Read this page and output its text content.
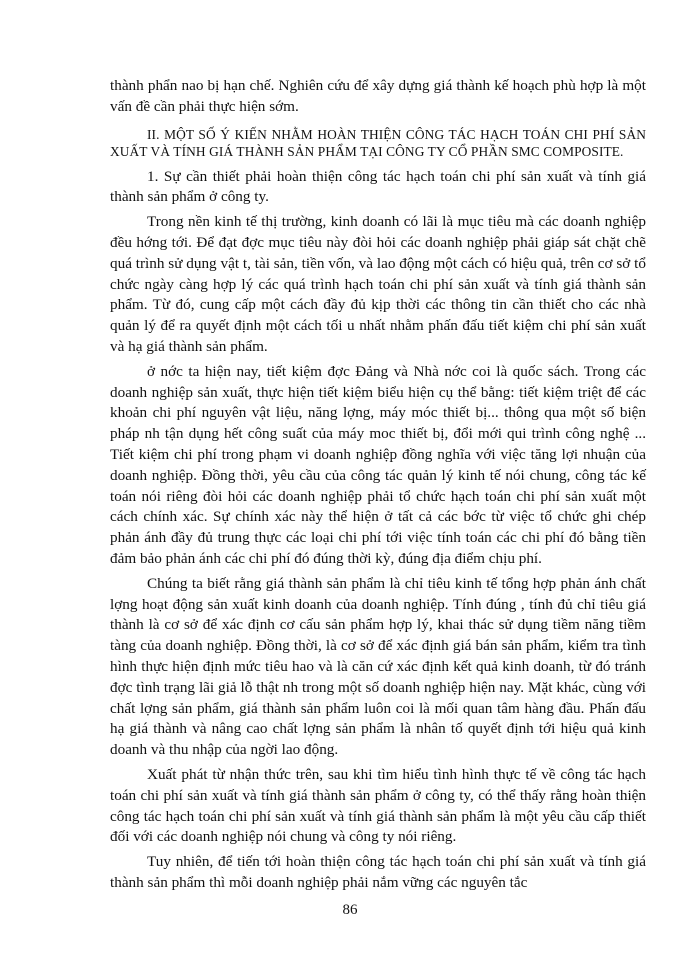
thành phẩn nao bị hạn chế. Nghiên cứu để xây dựng giá thành kế hoạch phù hợp là một vấn đề cần phải thực hiện sớm.

II. MỘT SỐ Ý KIẾN NHẰM HOÀN THIỆN CÔNG TÁC HẠCH TOÁN CHI PHÍ SẢN XUẤT VÀ TÍNH GIÁ THÀNH SẢN PHẨM TẠI CÔNG TY CỔ PHẦN SMC COMPOSITE.

1. Sự cần thiết phải hoàn thiện công tác hạch toán chi phí sản xuất và tính giá thành sản phẩm ở công ty.

Trong nền kinh tế thị trường, kinh doanh có lãi là mục tiêu mà các doanh nghiệp đều hớng tới. Để đạt đợc mục tiêu này đòi hỏi các doanh nghiệp phải giáp sát chặt chẽ quá trình sử dụng vật t, tài sản, tiền vốn, và lao động một cách có hiệu quả, trên cơ sở tổ chức ngày càng hợp lý các quá trình hạch toán chi phí sản xuất và tính giá thành sản phẩm. Từ đó, cung cấp một cách đầy đủ kịp thời các thông tin cần thiết cho các nhà quản lý để ra quyết định một cách tối u nhất nhằm phấn đấu tiết kiệm chi phí sản xuất và hạ giá thành sản phẩm.

ở nớc ta hiện nay, tiết kiệm đợc Đảng và Nhà nớc coi là quốc sách. Trong các doanh nghiệp sản xuất, thực hiện tiết kiệm biểu hiện cụ thể bằng: tiết kiệm triệt để các khoản chi phí nguyên vật liệu, năng lợng, máy móc thiết bị... thông qua một số biện pháp nh tận dụng hết công suất của máy moc thiết bị, đổi mới qui trình công nghệ ... Tiết kiệm chi phí trong phạm vi doanh nghiệp đồng nghĩa với việc tăng lợi nhuận của doanh nghiệp. Đồng thời, yêu cầu của công tác quản lý kinh tế nói chung, công tác kế toán nói riêng đòi hỏi các doanh nghiệp phải tổ chức hạch toán chi phí sản xuất một cách chính xác. Sự chính xác này thể hiện ở tất cả các bớc từ việc tổ chức ghi chép phản ánh đầy đủ trung thực các loại chi phí tới việc tính toán các chi phí đó bằng tiền đảm bảo phản ánh các chi phí đó đúng thời kỳ, đúng địa điểm chịu phí.

Chúng ta biết rằng giá thành sản phẩm là chỉ tiêu kinh tế tổng hợp phản ánh chất lợng hoạt động sản xuất kinh doanh của doanh nghiệp. Tính đúng , tính đủ chỉ tiêu giá thành là cơ sở để xác định cơ cấu sản phẩm hợp lý, khai thác sử dụng tiềm năng tiềm tàng của doanh nghiệp. Đồng thời, là cơ sở để xác định giá bán sản phẩm, kiểm tra tình hình thực hiện định mức tiêu hao và là căn cứ xác định kết quả kinh doanh, từ đó tránh đợc tình trạng lãi giả lỗ thật nh trong một số doanh nghiệp hiện nay. Mặt khác, cùng với chất lợng sản phẩm, giá thành sản phẩm luôn coi là mối quan tâm hàng đầu. Phấn đấu hạ giá thành và nâng cao chất lợng sản phẩm là nhân tố quyết định tới hiệu quả kinh doanh và thu nhập của ngời lao động.

Xuất phát từ nhận thức trên, sau khi tìm hiểu tình hình thực tế về công tác hạch toán chi phí sản xuất và tính giá thành sản phẩm ở công ty, có thể thấy rằng hoàn thiện công tác hạch toán chi phí sản xuất và tính giá thành sản phẩm là một yêu cầu cấp thiết đối với các doanh nghiệp nói chung và công ty nói riêng.

Tuy nhiên, để tiến tới hoàn thiện công tác hạch toán chi phí sản xuất và tính giá thành sản phẩm thì mỗi doanh nghiệp phải nắm vững các nguyên tắc

86
